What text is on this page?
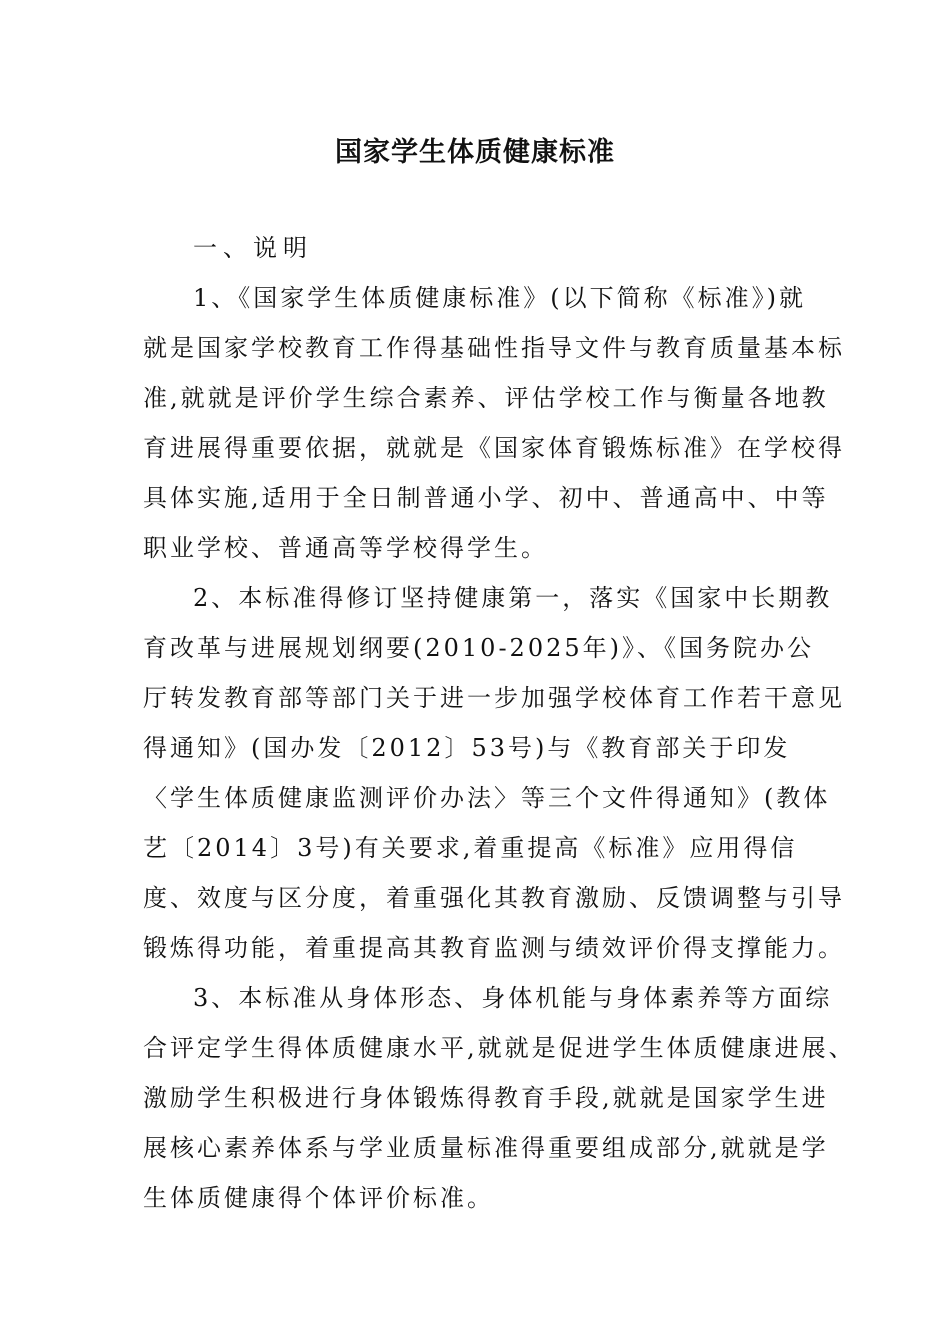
国家学生体质健康标准
一、说明
1、《国家学生体质健康标准》(以下简称《标准》)就
就是国家学校教育工作得基础性指导文件与教育质量基本标
准,就就是评价学生综合素养、评估学校工作与衡量各地教
育进展得重要依据，就就是《国家体育锻炼标准》在学校得
具体实施,适用于全日制普通小学、初中、普通高中、中等
职业学校、普通高等学校得学生。
2、本标准得修订坚持健康第一，落实《国家中长期教
育改革与进展规划纲要(2010-2025年)》、《国务院办公
厅转发教育部等部门关于进一步加强学校体育工作若干意见
得通知》(国办发〔2012〕53号)与《教育部关于印发
〈学生体质健康监测评价办法〉等三个文件得通知》(教体
艺〔2014〕3号)有关要求,着重提高《标准》应用得信
度、效度与区分度，着重强化其教育激励、反馈调整与引导
锻炼得功能，着重提高其教育监测与绩效评价得支撑能力。
3、本标准从身体形态、身体机能与身体素养等方面综
合评定学生得体质健康水平,就就是促进学生体质健康进展、
激励学生积极进行身体锻炼得教育手段,就就是国家学生进
展核心素养体系与学业质量标准得重要组成部分,就就是学
生体质健康得个体评价标准。
